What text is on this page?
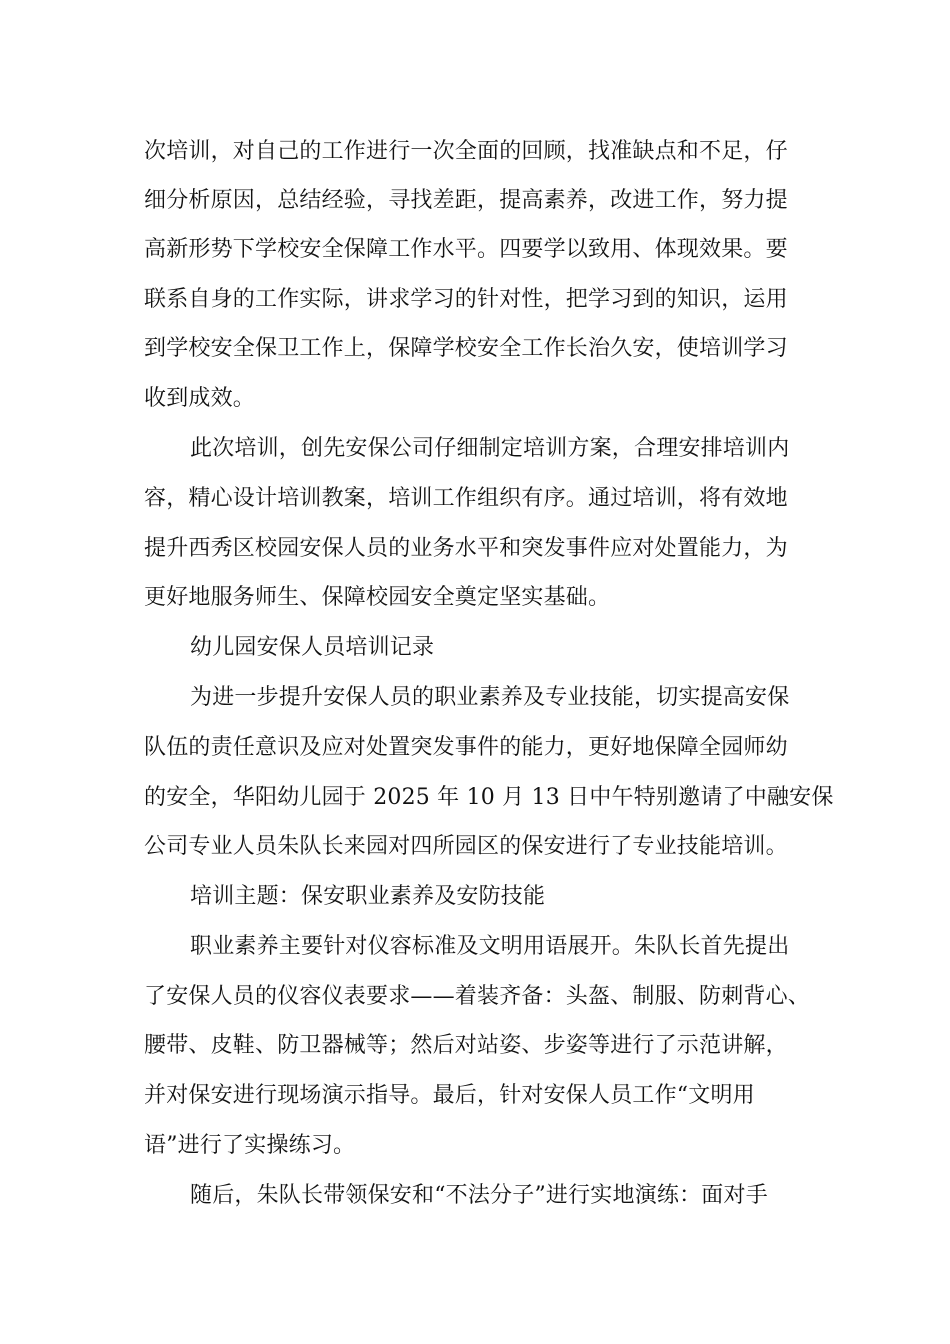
次培训，对自己的工作进行一次全面的回顾，找准缺点和不足，仔
细分析原因，总结经验，寻找差距，提高素养，改进工作，努力提
高新形势下学校安全保障工作水平。四要学以致用、体现效果。要
联系自身的工作实际，讲求学习的针对性，把学习到的知识，运用
到学校安全保卫工作上，保障学校安全工作长治久安，使培训学习
收到成效。
此次培训，创先安保公司仔细制定培训方案，合理安排培训内
容，精心设计培训教案，培训工作组织有序。通过培训，将有效地
提升西秀区校园安保人员的业务水平和突发事件应对处置能力，为
更好地服务师生、保障校园安全奠定坚实基础。
幼儿园安保人员培训记录
为进一步提升安保人员的职业素养及专业技能，切实提高安保
队伍的责任意识及应对处置突发事件的能力，更好地保障全园师幼
的安全，华阳幼儿园于 2025 年 10 月 13 日中午特别邀请了中融安保
公司专业人员朱队长来园对四所园区的保安进行了专业技能培训。
培训主题：保安职业素养及安防技能
职业素养主要针对仪容标准及文明用语展开。朱队长首先提出
了安保人员的仪容仪表要求——着装齐备：头盔、制服、防刺背心、
腰带、皮鞋、防卫器械等；然后对站姿、步姿等进行了示范讲解，
并对保安进行现场演示指导。最后，针对安保人员工作“文明用
语”进行了实操练习。
随后，朱队长带领保安和“不法分子”进行实地演练：面对手
